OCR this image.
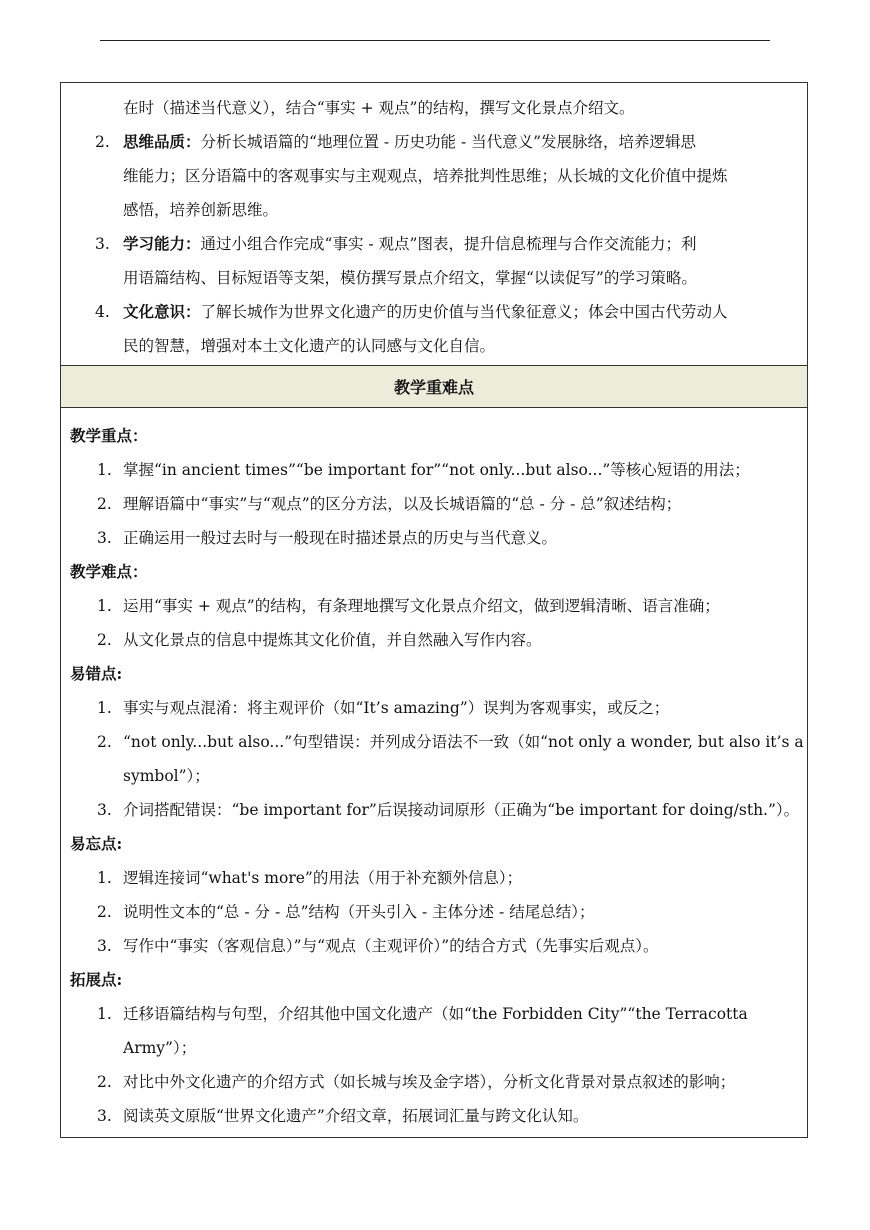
在时（描述当代意义），结合“事实 + 观点”的结构，撰写文化景点介绍文。
2. 思维品质：分析长城语篇的“地理位置 - 历史功能 - 当代意义”发展脉络，培养逻辑思
维能力；区分语篇中的客观事实与主观观点，培养批判性思维；从长城的文化价值中提炼
感悟，培养创新思维。
3. 学习能力：通过小组合作完成“事实 - 观点”图表，提升信息梳理与合作交流能力；利
用语篇结构、目标短语等支架，模仿撰写景点介绍文，掌握“以读促写”的学习策略。
4. 文化意识：了解长城作为世界文化遗产的历史价值与当代象征意义；体会中国古代劳动人
民的智慧，增强对本土文化遗产的认同感与文化自信。
教学重难点
教学重点：
1. 掌握“in ancient times”“be important for”“not only...but also...”等核心短语的用法；
2. 理解语篇中“事实”与“观点”的区分方法，以及长城语篇的“总 - 分 - 总”叙述结构；
3. 正确运用一般过去时与一般现在时描述景点的历史与当代意义。
教学难点：
1. 运用“事实 + 观点”的结构，有条理地撰写文化景点介绍文，做到逻辑清晰、语言准确；
2. 从文化景点的信息中提炼其文化价值，并自然融入写作内容。
易错点:
1. 事实与观点混淆：将主观评价（如“It’s amazing”）误判为客观事实，或反之；
2. “not only...but also...”句型错误：并列成分语法不一致（如“not only a wonder, but also it’s a
symbol”）；
3. 介词搭配错误：“be important for”后误接动词原形（正确为“be important for doing/sth.”）。
易忘点:
1. 逻辑连接词“what's more”的用法（用于补充额外信息）；
2. 说明性文本的“总 - 分 - 总”结构（开头引入 - 主体分述 - 结尾总结）；
3. 写作中“事实（客观信息）”与“观点（主观评价）”的结合方式（先事实后观点）。
拓展点:
1. 迁移语篇结构与句型，介绍其他中国文化遗产（如“the Forbidden City”“the Terracotta
Army”）；
2. 对比中外文化遗产的介绍方式（如长城与埃及金字塔），分析文化背景对景点叙述的影响；
3. 阅读英文原版“世界文化遗产”介绍文章，拓展词汇量与跨文化认知。
